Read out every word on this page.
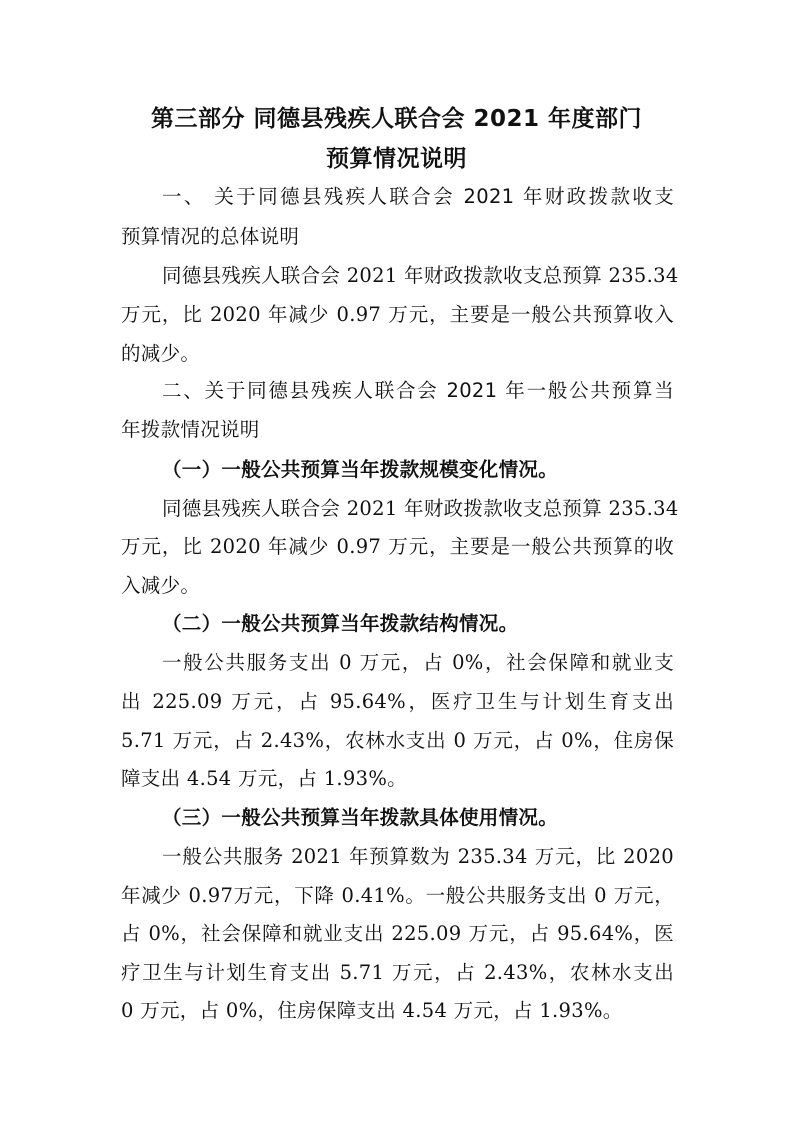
第三部分 同德县残疾人联合会 2021 年度部门
预算情况说明
一、 关于同德县残疾人联合会 2021 年财政拨款收支
预算情况的总体说明
同德县残疾人联合会 2021 年财政拨款收支总预算 235.34
万元，比 2020 年减少 0.97 万元，主要是一般公共预算收入
的减少。
二、关于同德县残疾人联合会 2021 年一般公共预算当
年拨款情况说明
（一）一般公共预算当年拨款规模变化情况。
同德县残疾人联合会 2021 年财政拨款收支总预算 235.34
万元，比 2020 年减少 0.97 万元，主要是一般公共预算的收
入减少。
（二）一般公共预算当年拨款结构情况。
一般公共服务支出 0 万元，占 0%，社会保障和就业支
出 225.09 万元，占 95.64%，医疗卫生与计划生育支出
5.71 万元，占 2.43%，农林水支出 0 万元，占 0%，住房保
障支出 4.54 万元，占 1.93%。
（三）一般公共预算当年拨款具体使用情况。
一般公共服务 2021 年预算数为 235.34 万元，比 2020
年减少 0.97万元，下降 0.41%。一般公共服务支出 0 万元，
占 0%，社会保障和就业支出 225.09 万元，占 95.64%，医
疗卫生与计划生育支出 5.71 万元，占 2.43%，农林水支出
0 万元，占 0%，住房保障支出 4.54 万元，占 1.93%。
